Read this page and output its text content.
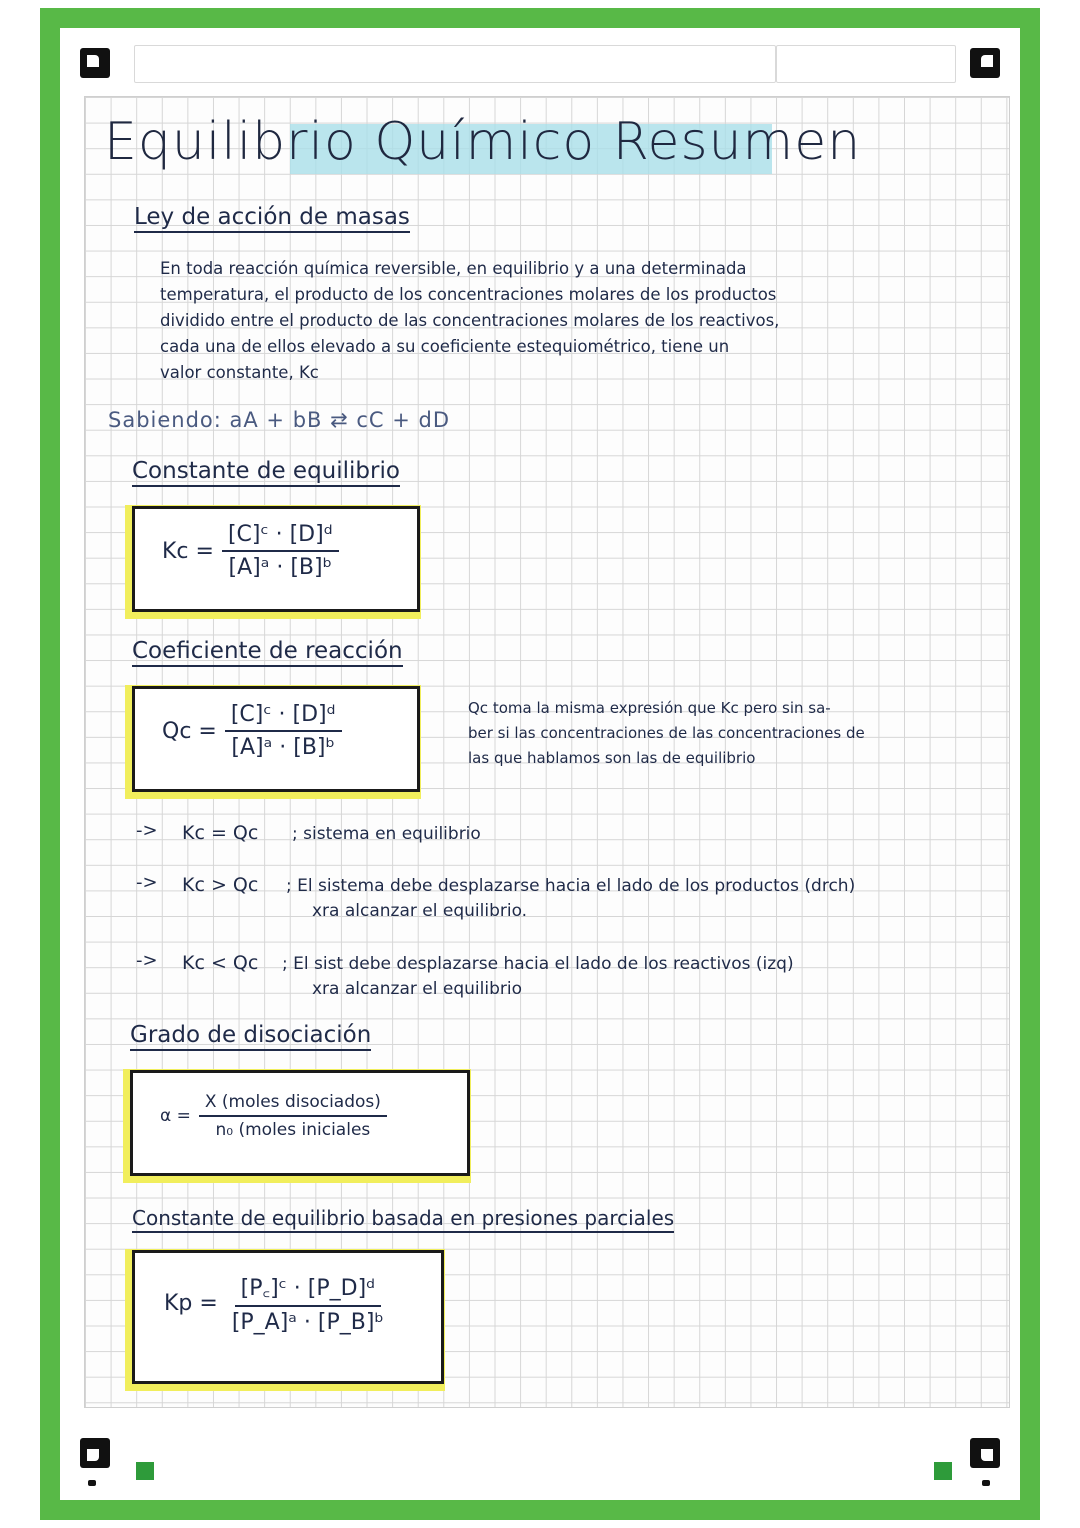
Equilibrio Químico Resumen
Ley de acción de masas
En toda reacción química reversible, en equilibrio y a una determinada
temperatura, el producto de los concentraciones molares de los productos
dividido entre el producto de las concentraciones molares de los reactivos,
cada una de ellos elevado a su coeficiente estequiométrico, tiene un
valor constante, Kc
Sabiendo: aA + bB ⇄ cC + dD
Constante de equilibrio
$Kc = \frac{\text{[C]ᶜ · [D]ᵈ}}{\text{[A]ᵃ · [B]ᵇ}}$
Coeficiente de reacción
$Qc = \frac{\text{[C]ᶜ · [D]ᵈ}}{\text{[A]ᵃ · [B]ᵇ}}$	Qc toma la misma expresión que Kc pero sin sa-
ber si las concentraciones de las concentraciones de
las que hablamos son las de equilibrio
-> Kc = Qc ; sistema en equilibrio
-> Kc > Qc ; El sistema debe desplazarse hacia el lado de los productos (drch)
xra alcanzar el equilibrio.
-> Kc < Qc ; El sist debe desplazarse hacia el lado de los reactivos (izq)
xra alcanzar el equilibrio
Grado de disociación
$\alpha = \frac{\text{X (moles disociados)}}{\text{n₀ (moles iniciales}}$
Constante de equilibrio basada en presiones parciales
$Kp = \frac{\text{[P꜀]ᶜ · [P\_D]ᵈ}}{\text{[P\_A]ᵃ · [P\_B]ᵇ}}$
